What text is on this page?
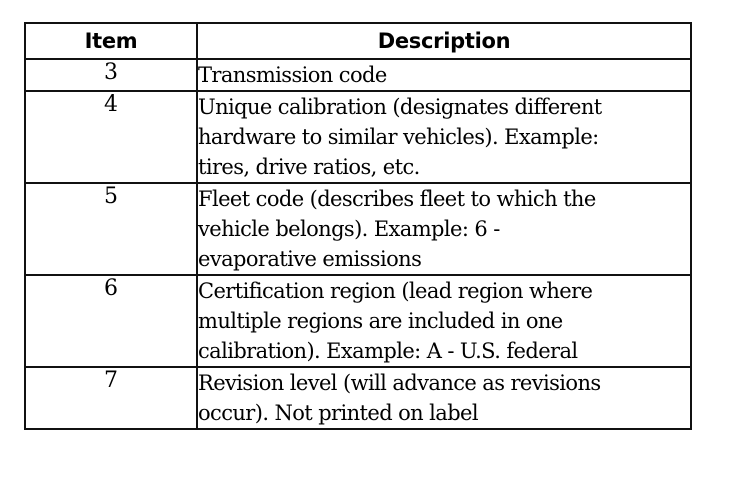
Item	Description
3	Transmission code
4	Unique calibration (designates different
hardware to similar vehicles). Example:
tires, drive ratios, etc.
5	Fleet code (describes fleet to which the
vehicle belongs). Example: 6 -
evaporative emissions
6	Certification region (lead region where
multiple regions are included in one
calibration). Example: A - U.S. federal
7	Revision level (will advance as revisions
occur). Not printed on label
